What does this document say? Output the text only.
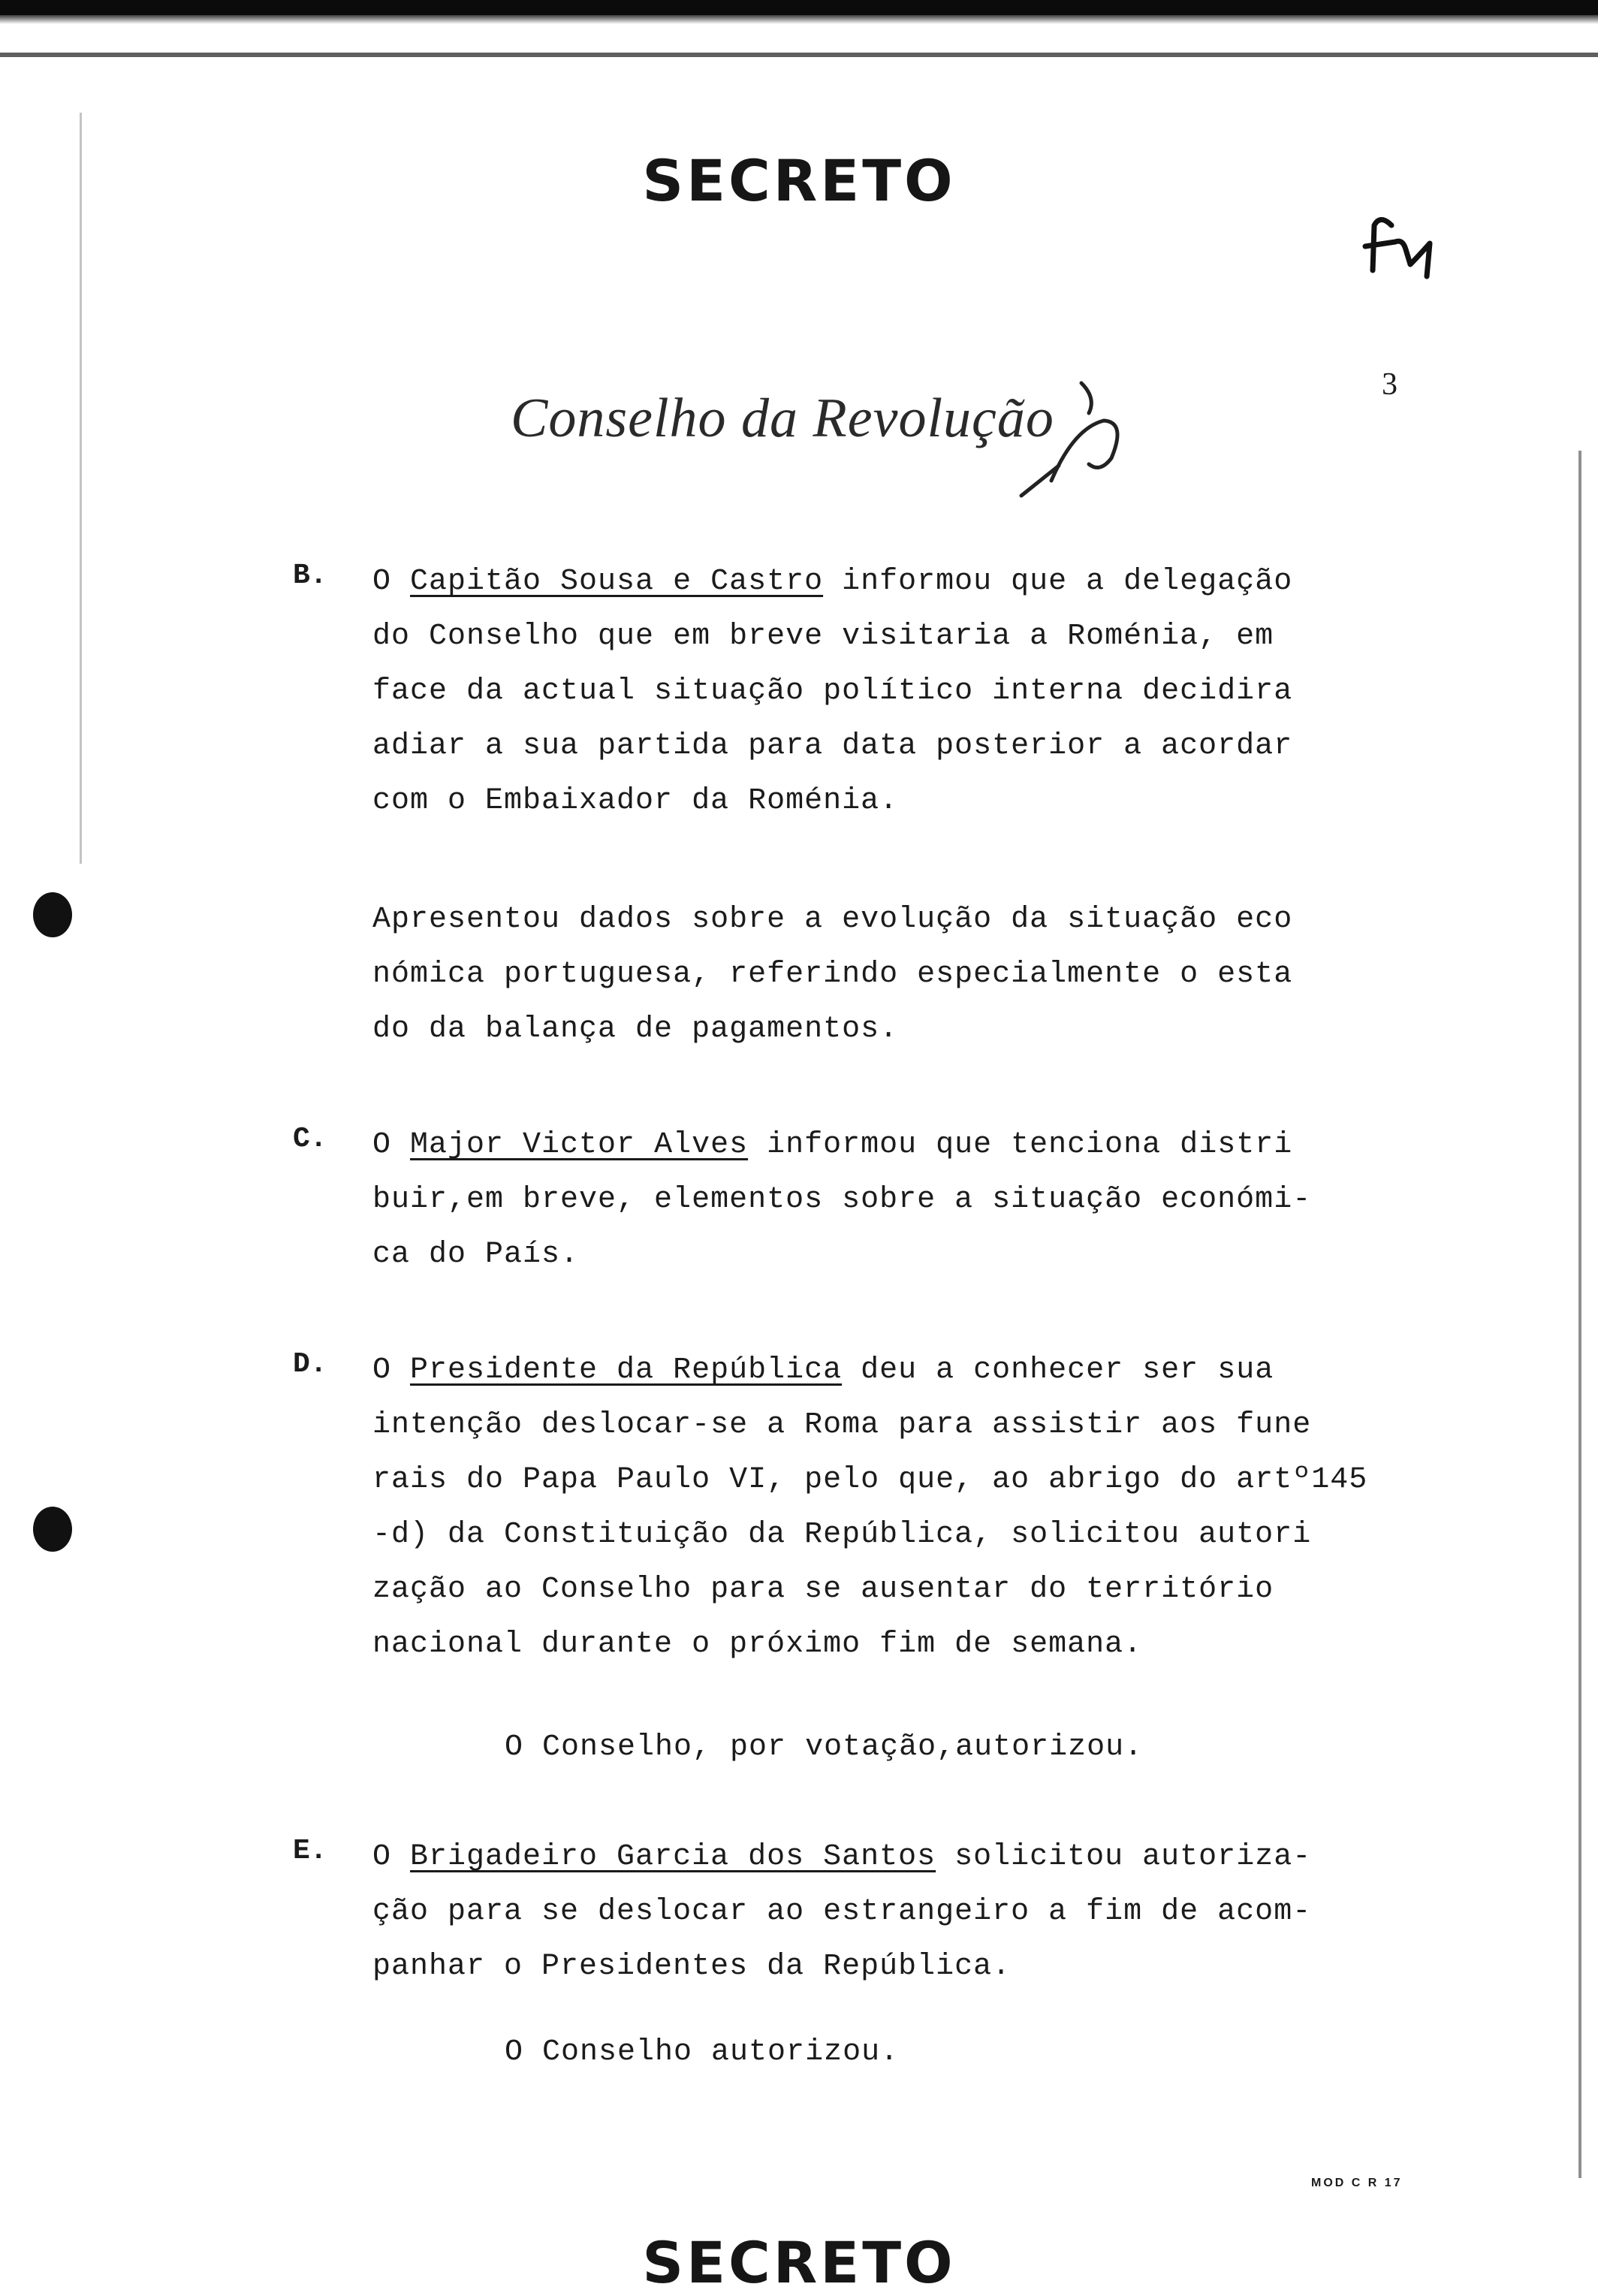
SECRETO
3
Conselho da Revolução
B. O Capitão Sousa e Castro informou que a delegação
do Conselho que em breve visitaria a Roménia, em
face da actual situação político interna decidira
adiar a sua partida para data posterior a acordar
com o Embaixador da Roménia.
Apresentou dados sobre a evolução da situação eco
nómica portuguesa, referindo especialmente o esta
do da balança de pagamentos.
C. O Major Victor Alves informou que tenciona distri
buir,em breve, elementos sobre a situação económi-
ca do País.
D. O Presidente da República deu a conhecer ser sua
intenção deslocar-se a Roma para assistir aos fune
rais do Papa Paulo VI, pelo que, ao abrigo do artº145
-d) da Constituição da República, solicitou autori
zação ao Conselho para se ausentar do território
nacional durante o próximo fim de semana.
O Conselho, por votação,autorizou.
E. O Brigadeiro Garcia dos Santos solicitou autoriza-
ção para se deslocar ao estrangeiro a fim de acom-
panhar o Presidentes da República.
O Conselho autorizou.
MOD C R 17
SECRETO
